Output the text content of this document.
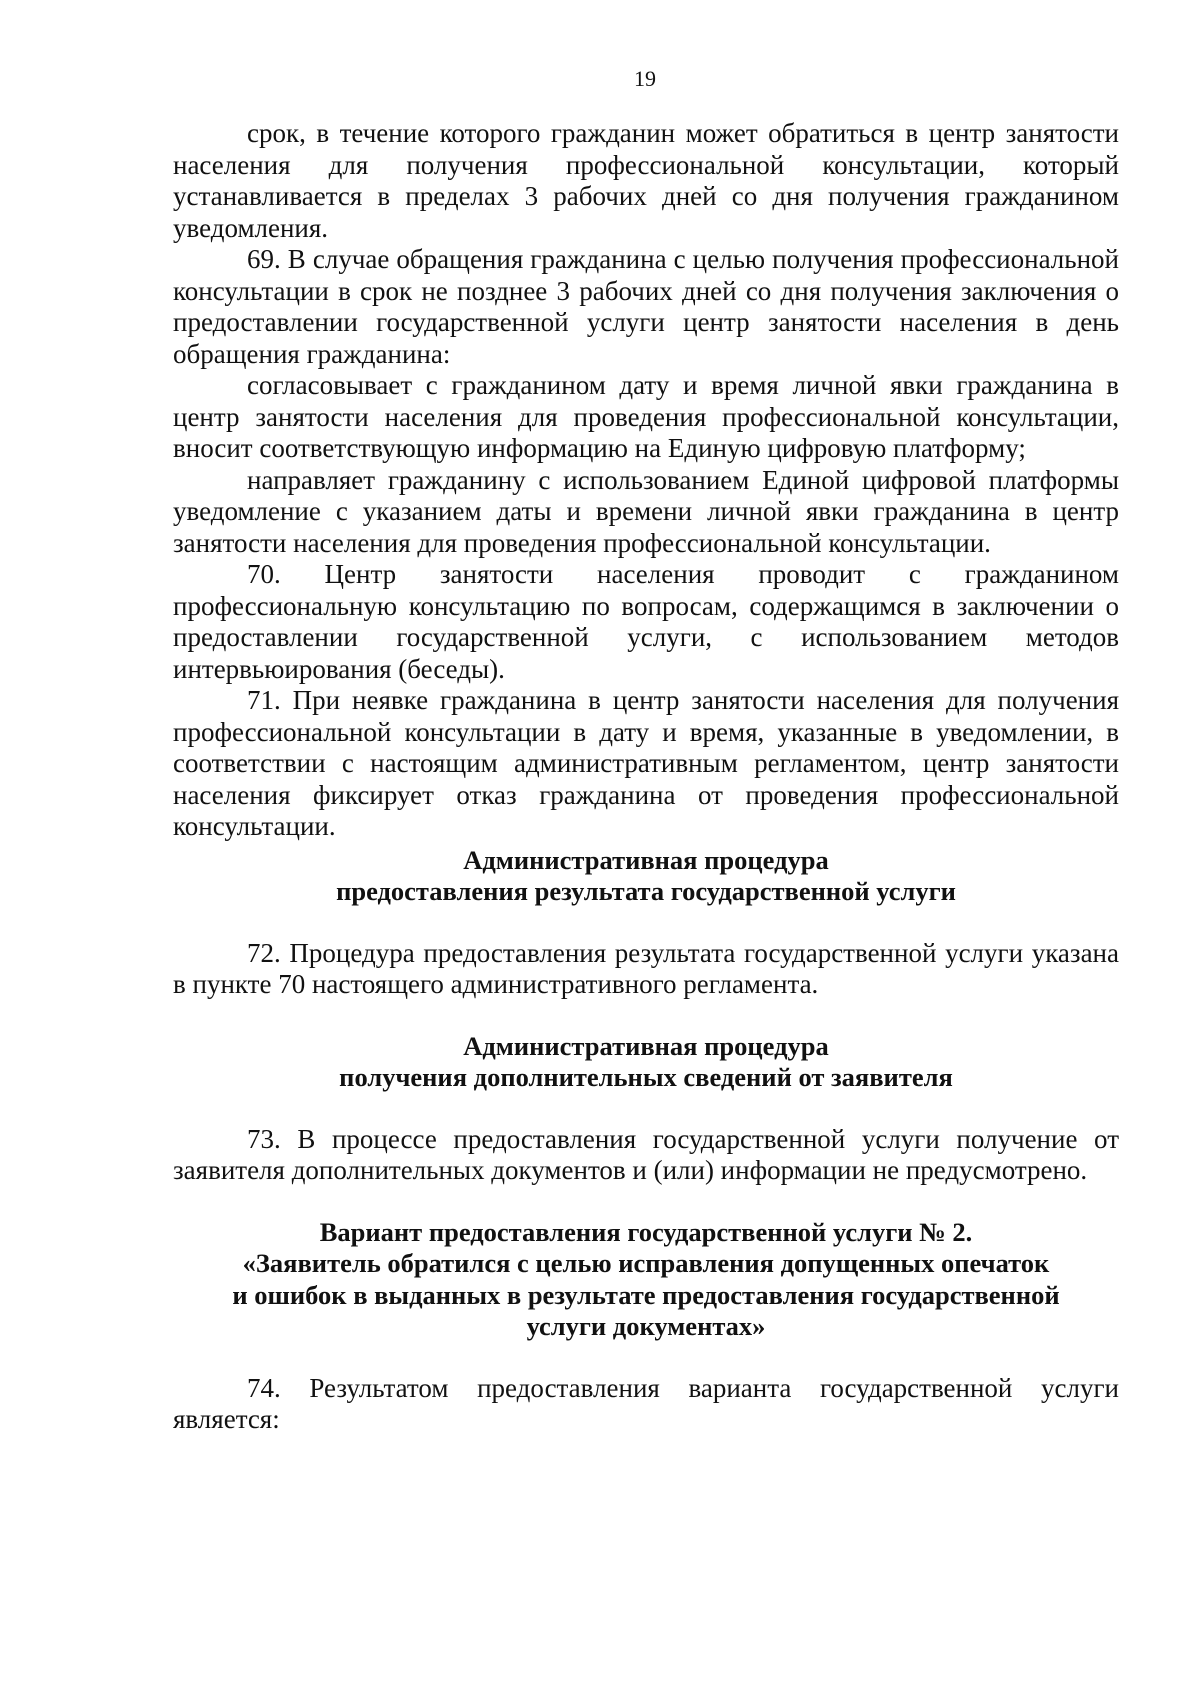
19

срок, в течение которого гражданин может обратиться в центр занятости населения для получения профессиональной консультации, который устанавливается в пределах 3 рабочих дней со дня получения гражданином уведомления.

69. В случае обращения гражданина с целью получения профессиональной консультации в срок не позднее 3 рабочих дней со дня получения заключения о предоставлении государственной услуги центр занятости населения в день обращения гражданина:

согласовывает с гражданином дату и время личной явки гражданина в центр занятости населения для проведения профессиональной консультации, вносит соответствующую информацию на Единую цифровую платформу;

направляет гражданину с использованием Единой цифровой платформы уведомление с указанием даты и времени личной явки гражданина в центр занятости населения для проведения профессиональной консультации.

70. Центр занятости населения проводит с гражданином профессиональную консультацию по вопросам, содержащимся в заключении о предоставлении государственной услуги, с использованием методов интервьюирования (беседы).

71. При неявке гражданина в центр занятости населения для получения профессиональной консультации в дату и время, указанные в уведомлении, в соответствии с настоящим административным регламентом, центр занятости населения фиксирует отказ гражданина от проведения профессиональной консультации.

Административная процедура
предоставления результата государственной услуги

72. Процедура предоставления результата государственной услуги указана в пункте 70 настоящего административного регламента.

Административная процедура
получения дополнительных сведений от заявителя

73. В процессе предоставления государственной услуги получение от заявителя дополнительных документов и (или) информации не предусмотрено.

Вариант предоставления государственной услуги № 2.
«Заявитель обратился с целью исправления допущенных опечаток
и ошибок в выданных в результате предоставления государственной
услуги документах»

74. Результатом предоставления варианта государственной услуги является:
